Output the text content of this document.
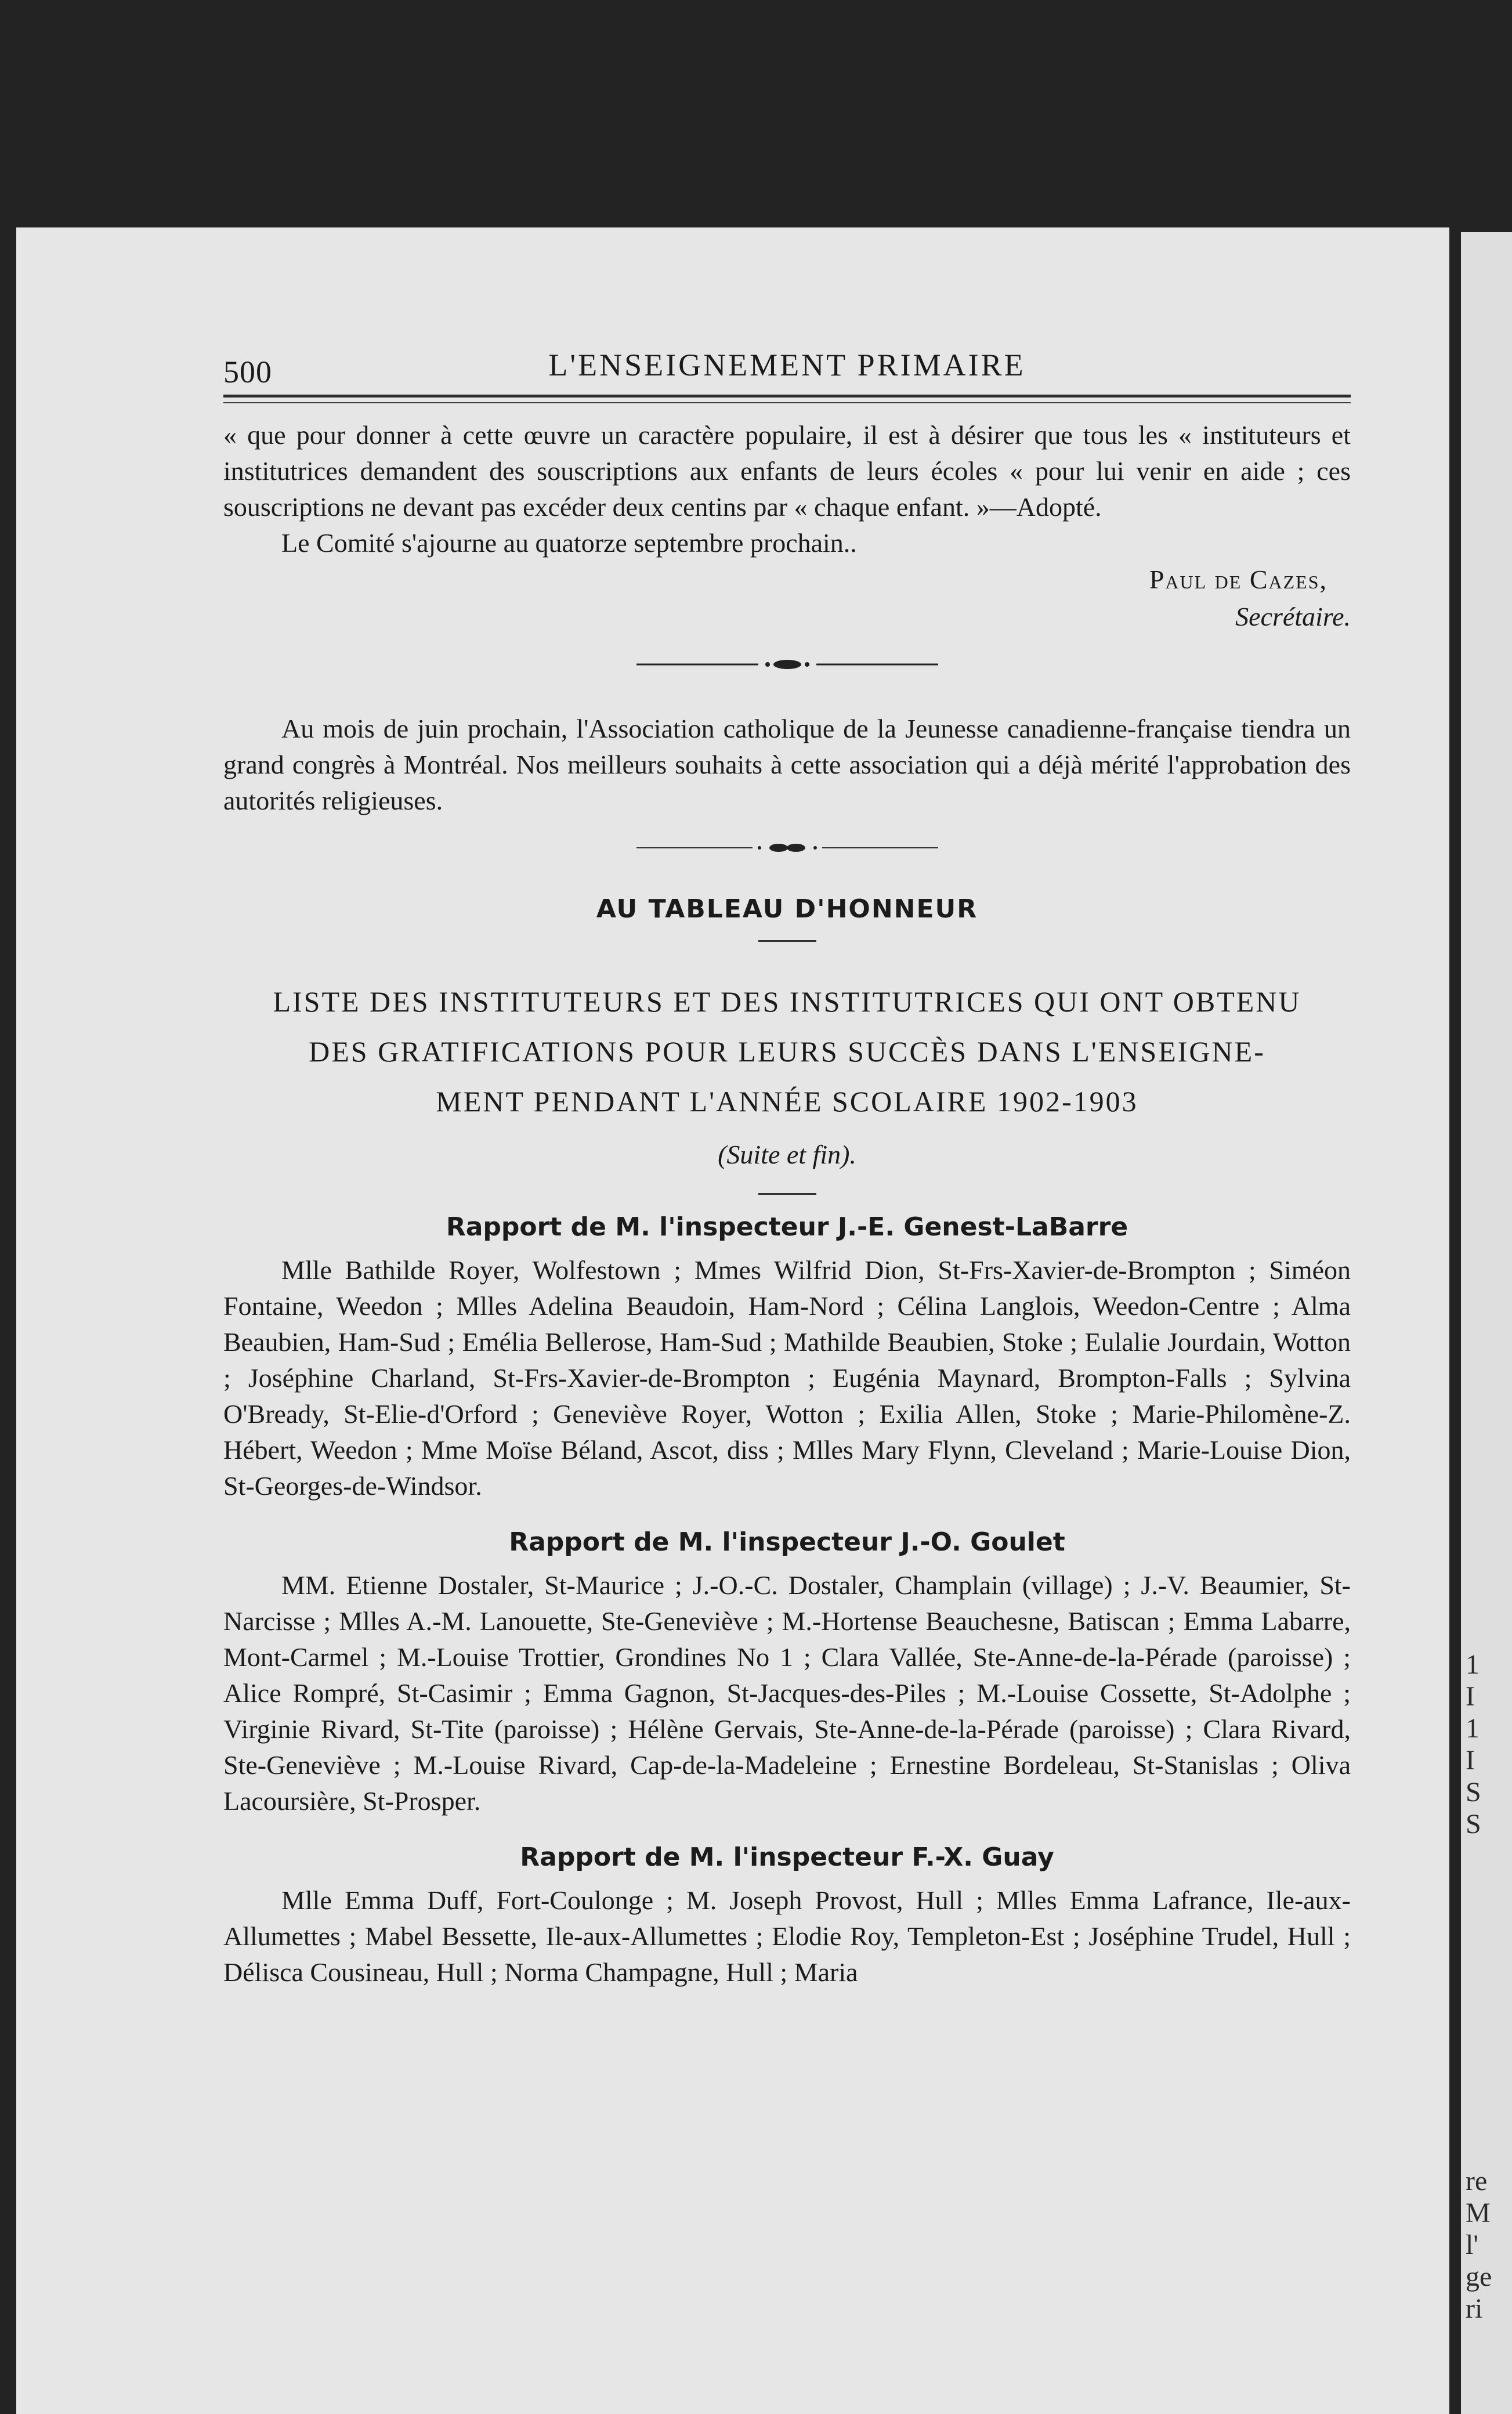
1
I
1
I
S
S
re
M
l'
ge
ri
500	L'ENSEIGNEMENT PRIMAIRE

« que pour donner à cette œuvre un caractère populaire, il est à désirer que tous les « instituteurs et institutrices demandent des souscriptions aux enfants de leurs écoles « pour lui venir en aide ; ces souscriptions ne devant pas excéder deux centins par « chaque enfant. »—Adopté.

Le Comité s'ajourne au quatorze septembre prochain..

Paul de Cazes,
Secrétaire.

Au mois de juin prochain, l'Association catholique de la Jeunesse canadienne-française tiendra un grand congrès à Montréal. Nos meilleurs souhaits à cette association qui a déjà mérité l'approbation des autorités religieuses.

AU TABLEAU D'HONNEUR
LISTE DES INSTITUTEURS ET DES INSTITUTRICES QUI ONT OBTENU
DES GRATIFICATIONS POUR LEURS SUCCÈS DANS L'ENSEIGNE-
MENT PENDANT L'ANNÉE SCOLAIRE 1902-1903
(Suite et fin).
Rapport de M. l'inspecteur J.-E. Genest-LaBarre

Mlle Bathilde Royer, Wolfestown ; Mmes Wilfrid Dion, St-Frs-Xavier-de-Brompton ; Siméon Fontaine, Weedon ; Mlles Adelina Beaudoin, Ham-Nord ; Célina Langlois, Weedon-Centre ; Alma Beaubien, Ham-Sud ; Emélia Bellerose, Ham-Sud ; Mathilde Beaubien, Stoke ; Eulalie Jourdain, Wotton ; Joséphine Charland, St-Frs-Xavier-de-Brompton ; Eugénia Maynard, Brompton-Falls ; Sylvina O'Bready, St-Elie-d'Orford ; Geneviève Royer, Wotton ; Exilia Allen, Stoke ; Marie-Philomène-Z. Hébert, Weedon ; Mme Moïse Béland, Ascot, diss ; Mlles Mary Flynn, Cleveland ; Marie-Louise Dion, St-Georges-de-Windsor.

Rapport de M. l'inspecteur J.-O. Goulet

MM. Etienne Dostaler, St-Maurice ; J.-O.-C. Dostaler, Champlain (village) ; J.-V. Beaumier, St-Narcisse ; Mlles A.-M. Lanouette, Ste-Geneviève ; M.-Hortense Beauchesne, Batiscan ; Emma Labarre, Mont-Carmel ; M.-Louise Trottier, Grondines No 1 ; Clara Vallée, Ste-Anne-de-la-Pérade (paroisse) ; Alice Rompré, St-Casimir ; Emma Gagnon, St-Jacques-des-Piles ; M.-Louise Cossette, St-Adolphe ; Virginie Rivard, St-Tite (paroisse) ; Hélène Gervais, Ste-Anne-de-la-Pérade (paroisse) ; Clara Rivard, Ste-Geneviève ; M.-Louise Rivard, Cap-de-la-Madeleine ; Ernestine Bordeleau, St-Stanislas ; Oliva Lacoursière, St-Prosper.

Rapport de M. l'inspecteur F.-X. Guay

Mlle Emma Duff, Fort-Coulonge ; M. Joseph Provost, Hull ; Mlles Emma Lafrance, Ile-aux-Allumettes ; Mabel Bessette, Ile-aux-Allumettes ; Elodie Roy, Templeton-Est ; Joséphine Trudel, Hull ; Délisca Cousineau, Hull ; Norma Champagne, Hull ; Maria
